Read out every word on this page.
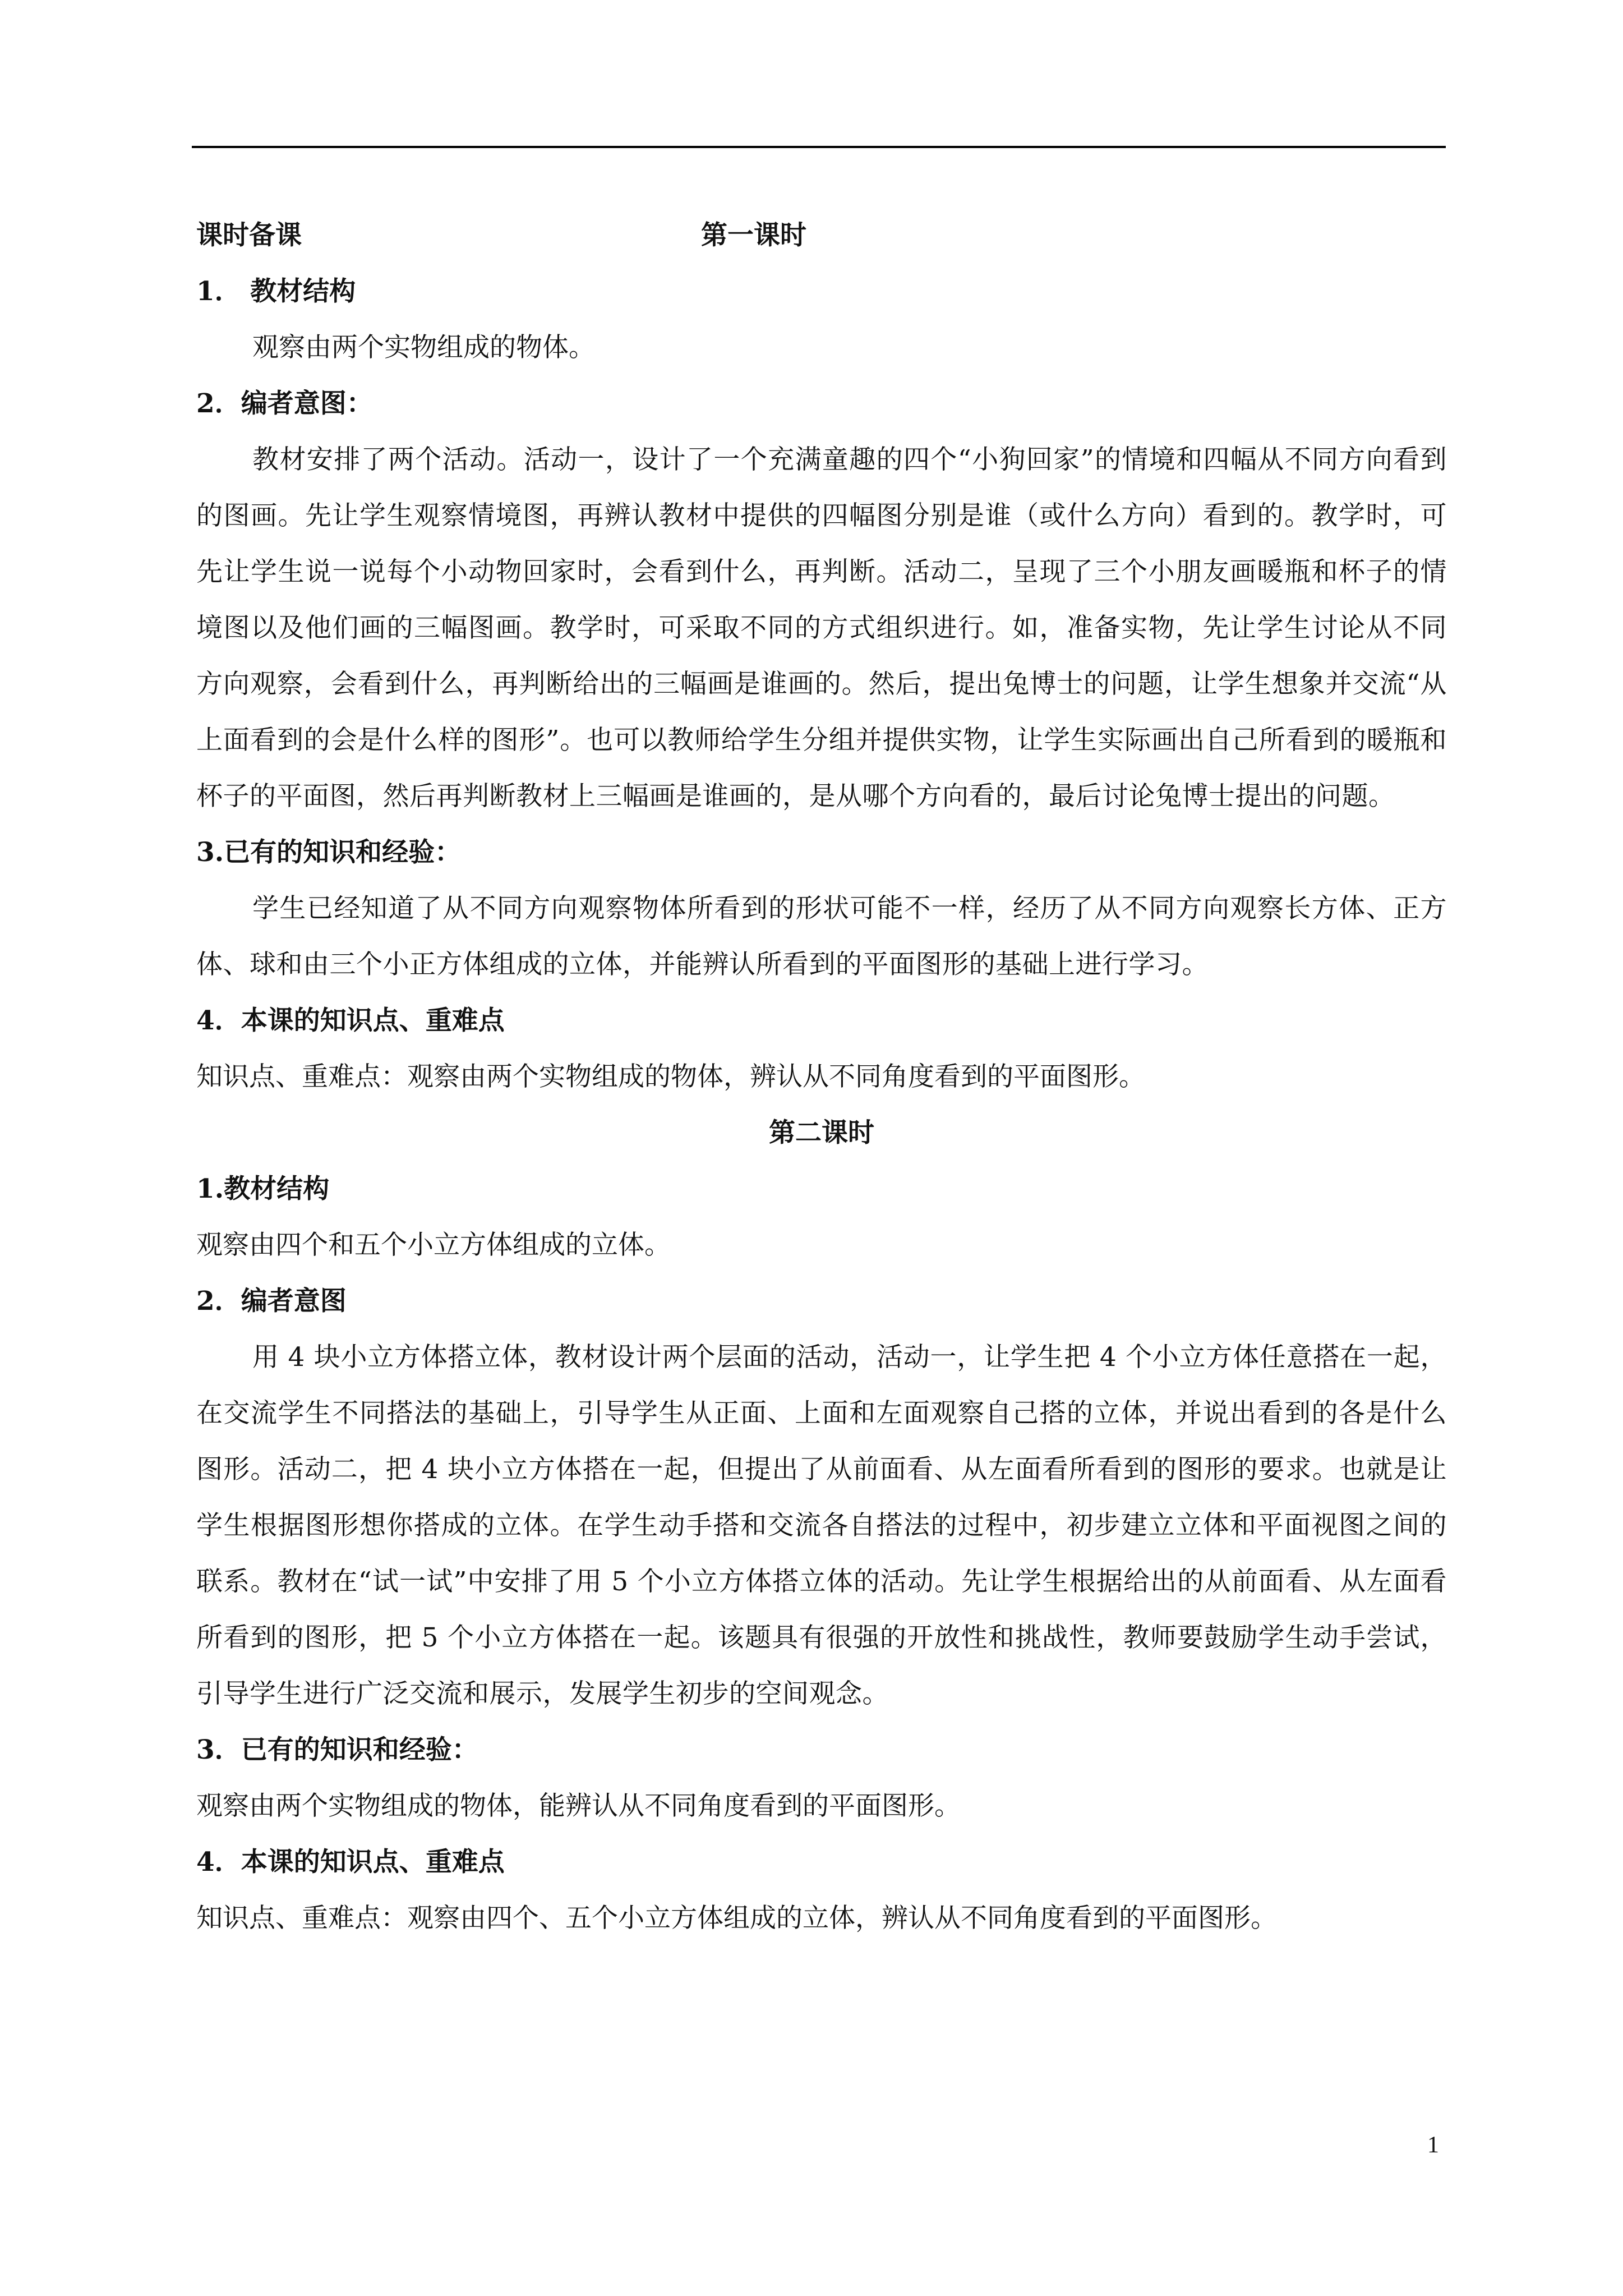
课时备课	第一课时
1． 教材结构
观察由两个实物组成的物体。
2．编者意图：
教材安排了两个活动。活动一，设计了一个充满童趣的四个“小狗回家”的情境和四幅从不同方向看到的图画。先让学生观察情境图，再辨认教材中提供的四幅图分别是谁（或什么方向）看到的。教学时，可先让学生说一说每个小动物回家时，会看到什么，再判断。活动二，呈现了三个小朋友画暖瓶和杯子的情境图以及他们画的三幅图画。教学时，可采取不同的方式组织进行。如，准备实物，先让学生讨论从不同方向观察，会看到什么，再判断给出的三幅画是谁画的。然后，提出兔博士的问题，让学生想象并交流“从上面看到的会是什么样的图形”。也可以教师给学生分组并提供实物，让学生实际画出自己所看到的暖瓶和杯子的平面图，然后再判断教材上三幅画是谁画的，是从哪个方向看的，最后讨论兔博士提出的问题。
3.已有的知识和经验：
学生已经知道了从不同方向观察物体所看到的形状可能不一样，经历了从不同方向观察长方体、正方体、球和由三个小正方体组成的立体，并能辨认所看到的平面图形的基础上进行学习。
4．本课的知识点、重难点
知识点、重难点：观察由两个实物组成的物体，辨认从不同角度看到的平面图形。
第二课时
1.教材结构
观察由四个和五个小立方体组成的立体。
2．编者意图
用 4 块小立方体搭立体，教材设计两个层面的活动，活动一，让学生把 4 个小立方体任意搭在一起，在交流学生不同搭法的基础上，引导学生从正面、上面和左面观察自己搭的立体，并说出看到的各是什么图形。活动二，把 4 块小立方体搭在一起，但提出了从前面看、从左面看所看到的图形的要求。也就是让学生根据图形想你搭成的立体。在学生动手搭和交流各自搭法的过程中，初步建立立体和平面视图之间的联系。教材在“试一试”中安排了用 5 个小立方体搭立体的活动。先让学生根据给出的从前面看、从左面看所看到的图形，把 5 个小立方体搭在一起。该题具有很强的开放性和挑战性，教师要鼓励学生动手尝试，引导学生进行广泛交流和展示，发展学生初步的空间观念。
3．已有的知识和经验：
观察由两个实物组成的物体，能辨认从不同角度看到的平面图形。
4．本课的知识点、重难点
知识点、重难点：观察由四个、五个小立方体组成的立体，辨认从不同角度看到的平面图形。
1
